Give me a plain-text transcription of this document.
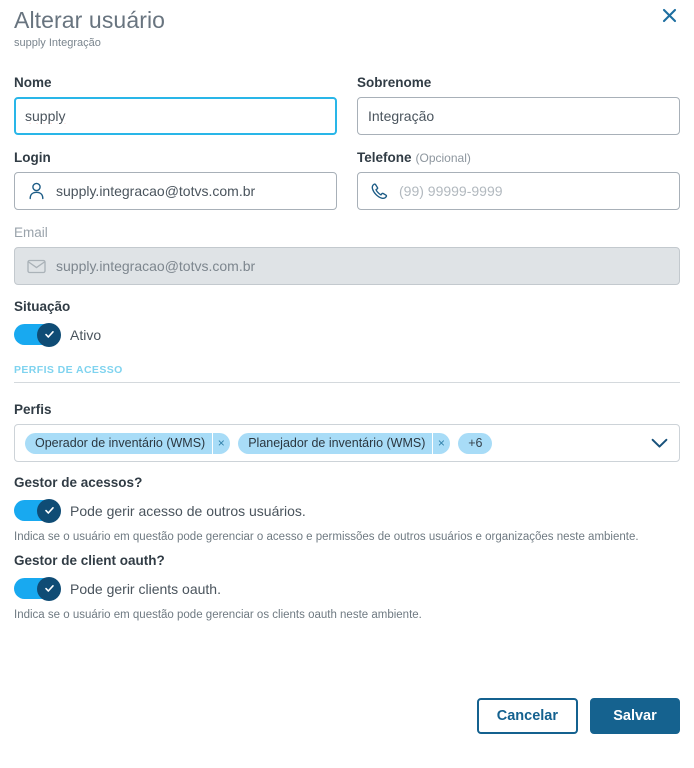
Alterar usuário
supply Integração
Nome
supply
Sobrenome
Integração
Login
supply.integracao@totvs.com.br
Telefone (Opcional)
(99) 99999-9999
Email
supply.integracao@totvs.com.br
Situação
Ativo
PERFIS DE ACESSO
Perfis
Operador de inventário (WMS)	×	Planejador de inventário (WMS)	×	+6
Gestor de acessos?
Pode gerir acesso de outros usuários.
Indica se o usuário em questão pode gerenciar o acesso e permissões de outros usuários e organizações neste ambiente.
Gestor de client oauth?
Pode gerir clients oauth.
Indica se o usuário em questão pode gerenciar os clients oauth neste ambiente.
Cancelar	Salvar
